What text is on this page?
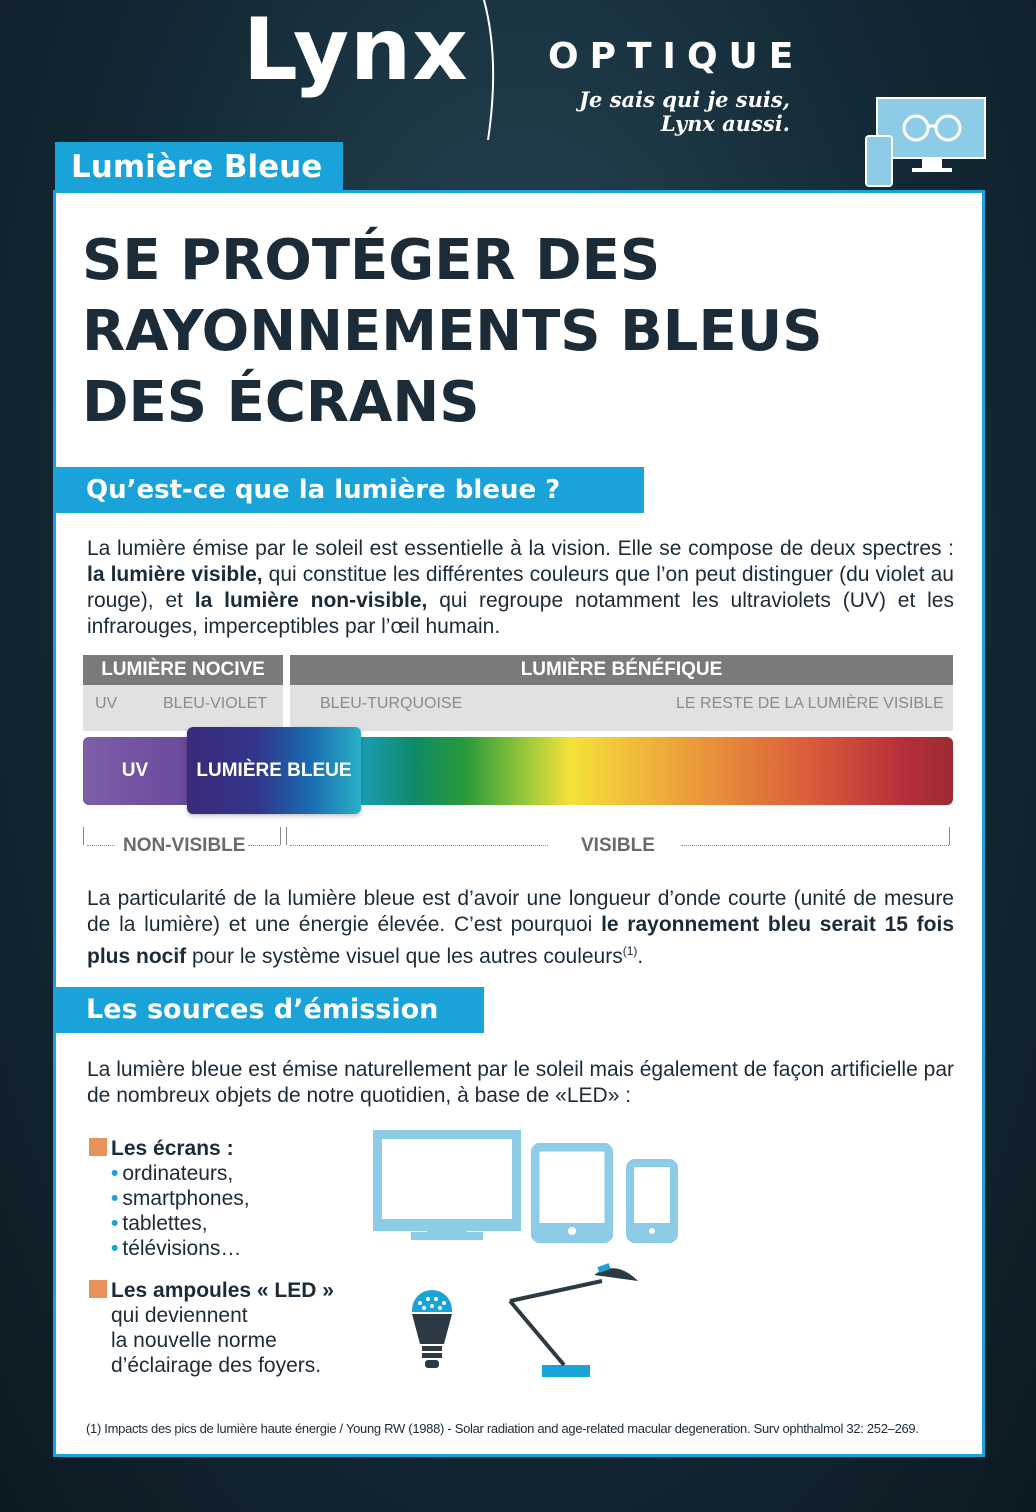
Lynx OPTIQUE
Je sais qui je suis,
Lynx aussi.
Lumière Bleue
SE PROTÉGER DES
RAYONNEMENTS BLEUS
DES ÉCRANS
Qu’est-ce que la lumière bleue ?
La lumière émise par le soleil est essentielle à la vision. Elle se compose de deux spectres : la lumière visible, qui constitue les différentes couleurs que l’on peut distinguer (du violet au rouge), et la lumière non-visible, qui regroupe notamment les ultraviolets (UV) et les infrarouges, imperceptibles par l’œil humain.
LUMIÈRE NOCIVE	LUMIÈRE BÉNÉFIQUE
UV	BLEU-VIOLET	BLEU-TURQUOISE	LE RESTE DE LA LUMIÈRE VISIBLE
UV	LUMIÈRE BLEUE
NON-VISIBLE	VISIBLE
La particularité de la lumière bleue est d’avoir une longueur d’onde courte (unité de mesure de la lumière) et une énergie élevée. C’est pourquoi le rayonnement bleu serait 15 fois plus nocif pour le système visuel que les autres couleurs$^{(1)}$.
Les sources d’émission
La lumière bleue est émise naturellement par le soleil mais également de façon artificielle par de nombreux objets de notre quotidien, à base de «LED» :
Les écrans :
• ordinateurs,
• smartphones,
• tablettes,
• télévisions…
Les ampoules « LED »
qui deviennent
la nouvelle norme
d’éclairage des foyers.
(1) Impacts des pics de lumière haute énergie / Young RW (1988) - Solar radiation and age-related macular degeneration. Surv ophthalmol 32: 252–269.
